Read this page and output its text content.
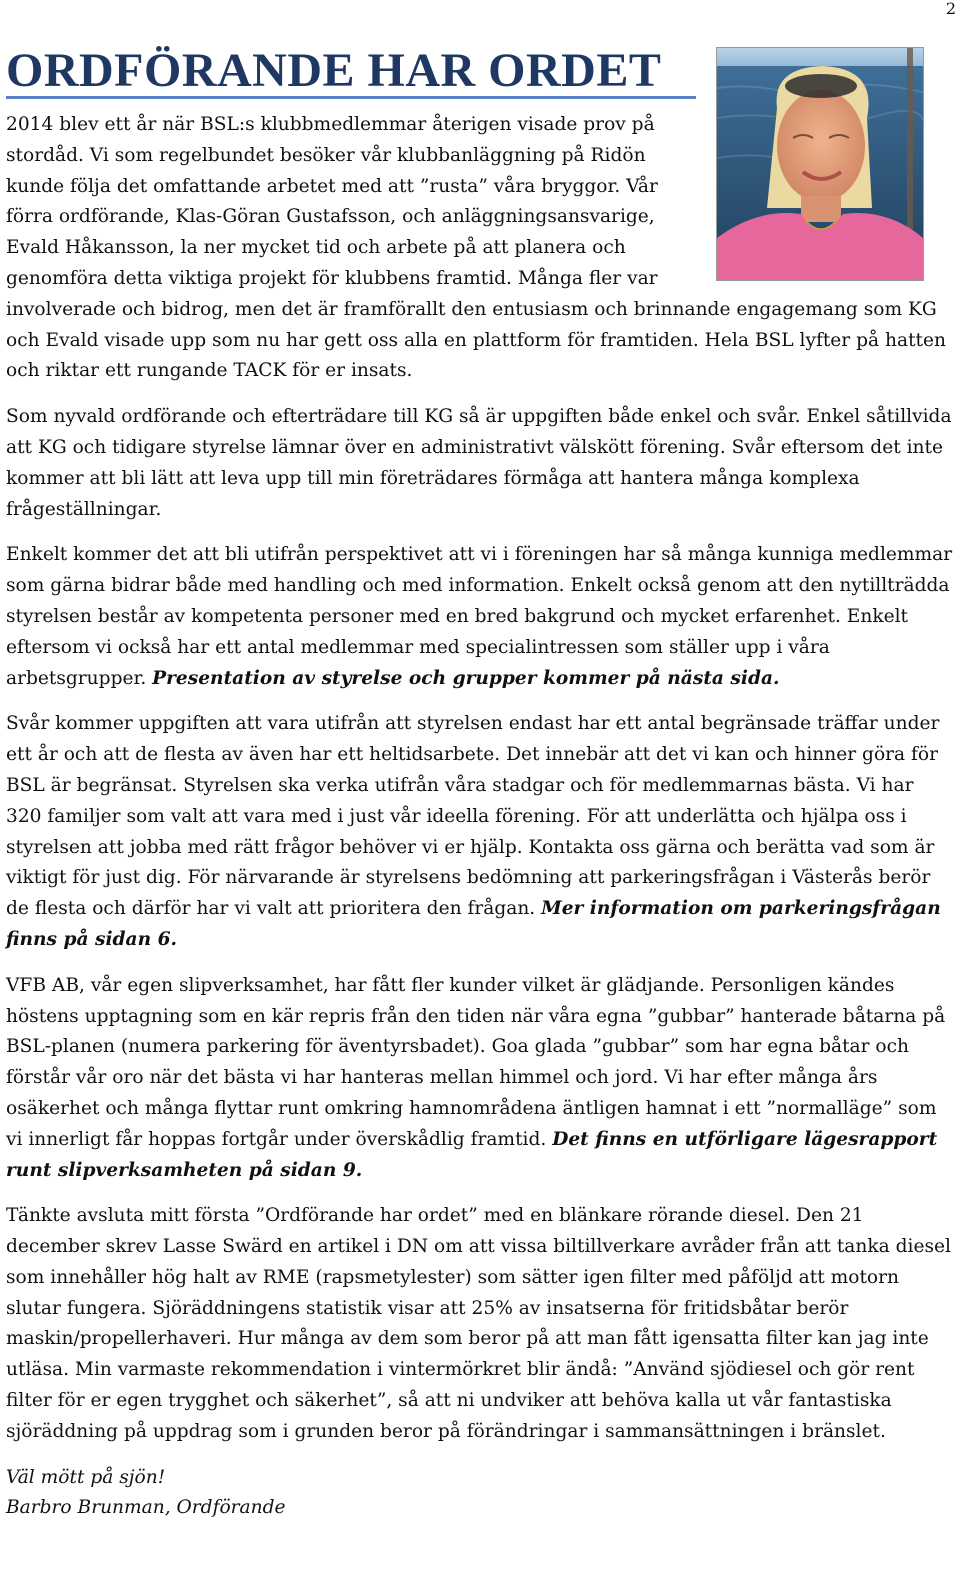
2
ORDFÖRANDE HAR ORDET

2014 blev ett år när BSL:s klubbmedlemmar återigen visade prov på stordåd. Vi som regelbundet besöker vår klubbanläggning på Ridön kunde följa det omfattande arbetet med att ”rusta” våra bryggor. Vår förra ordförande, Klas-Göran Gustafsson, och anläggningsansvarige, Evald Håkansson, la ner mycket tid och arbete på att planera och genomföra detta viktiga projekt för klubbens framtid. Många fler var involverade och bidrog, men det är framförallt den entusiasm och brinnande engagemang som KG och Evald visade upp som nu har gett oss alla en plattform för framtiden. Hela BSL lyfter på hatten och riktar ett rungande TACK för er insats.

Som nyvald ordförande och efterträdare till KG så är uppgiften både enkel och svår. Enkel såtillvida att KG och tidigare styrelse lämnar över en administrativt välskött förening. Svår eftersom det inte kommer att bli lätt att leva upp till min företrädares förmåga att hantera många komplexa frågeställningar.

Enkelt kommer det att bli utifrån perspektivet att vi i föreningen har så många kunniga medlemmar som gärna bidrar både med handling och med information. Enkelt också genom att den nytillträdda styrelsen består av kompetenta personer med en bred bakgrund och mycket erfarenhet. Enkelt eftersom vi också har ett antal medlemmar med specialintressen som ställer upp i våra arbetsgrupper. Presentation av styrelse och grupper kommer på nästa sida.

Svår kommer uppgiften att vara utifrån att styrelsen endast har ett antal begränsade träffar under ett år och att de flesta av även har ett heltidsarbete. Det innebär att det vi kan och hinner göra för BSL är begränsat. Styrelsen ska verka utifrån våra stadgar och för medlemmarnas bästa. Vi har 320 familjer som valt att vara med i just vår ideella förening. För att underlätta och hjälpa oss i styrelsen att jobba med rätt frågor behöver vi er hjälp. Kontakta oss gärna och berätta vad som är viktigt för just dig. För närvarande är styrelsens bedömning att parkeringsfrågan i Västerås berör de flesta och därför har vi valt att prioritera den frågan. Mer information om parkeringsfrågan finns på sidan 6.

VFB AB, vår egen slipverksamhet, har fått fler kunder vilket är glädjande. Personligen kändes höstens upptagning som en kär repris från den tiden när våra egna ”gubbar” hanterade båtarna på BSL-planen (numera parkering för äventyrsbadet). Goa glada ”gubbar” som har egna båtar och förstår vår oro när det bästa vi har hanteras mellan himmel och jord. Vi har efter många års osäkerhet och många flyttar runt omkring hamnområdena äntligen hamnat i ett ”normalläge” som vi innerligt får hoppas fortgår under överskådlig framtid. Det finns en utförligare lägesrapport runt slipverksamheten på sidan 9.

Tänkte avsluta mitt första ”Ordförande har ordet” med en blänkare rörande diesel. Den 21 december skrev Lasse Swärd en artikel i DN om att vissa biltillverkare avråder från att tanka diesel som innehåller hög halt av RME (rapsmetylester) som sätter igen filter med påföljd att motorn slutar fungera. Sjöräddningens statistik visar att 25% av insatserna för fritidsbåtar berör maskin/propellerhaveri. Hur många av dem som beror på att man fått igensatta filter kan jag inte utläsa. Min varmaste rekommendation i vintermörkret blir ändå: ”Använd sjödiesel och gör rent filter för er egen trygghet och säkerhet”, så att ni undviker att behöva kalla ut vår fantastiska sjöräddning på uppdrag som i grunden beror på förändringar i sammansättningen i bränslet.

Väl mött på sjön!
Barbro Brunman, Ordförande
